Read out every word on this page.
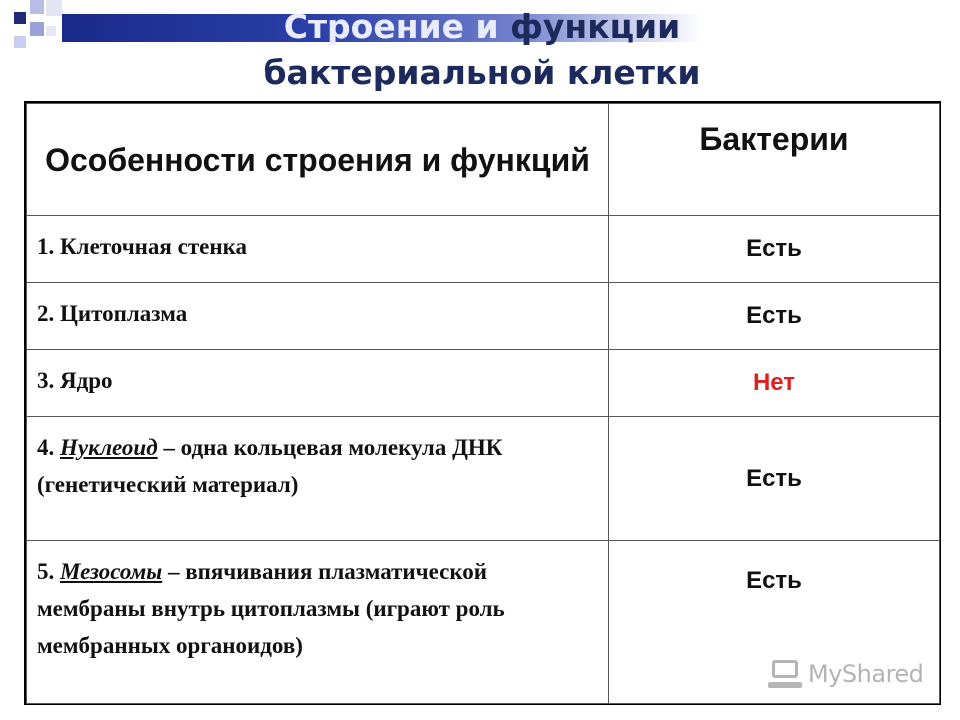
Строение и функции
бактериальной клетки
Особенности строения и функций	Бактерии
1. Клеточная стенка	Есть
2. Цитоплазма	Есть
3. Ядро	Нет
4. Нуклеоид – одна кольцевая молекула ДНК (генетический материал)	Есть
5. Мезосомы – впячивания плазматической мембраны внутрь цитоплазмы (играют роль мембранных органоидов)	Есть
MyShared
